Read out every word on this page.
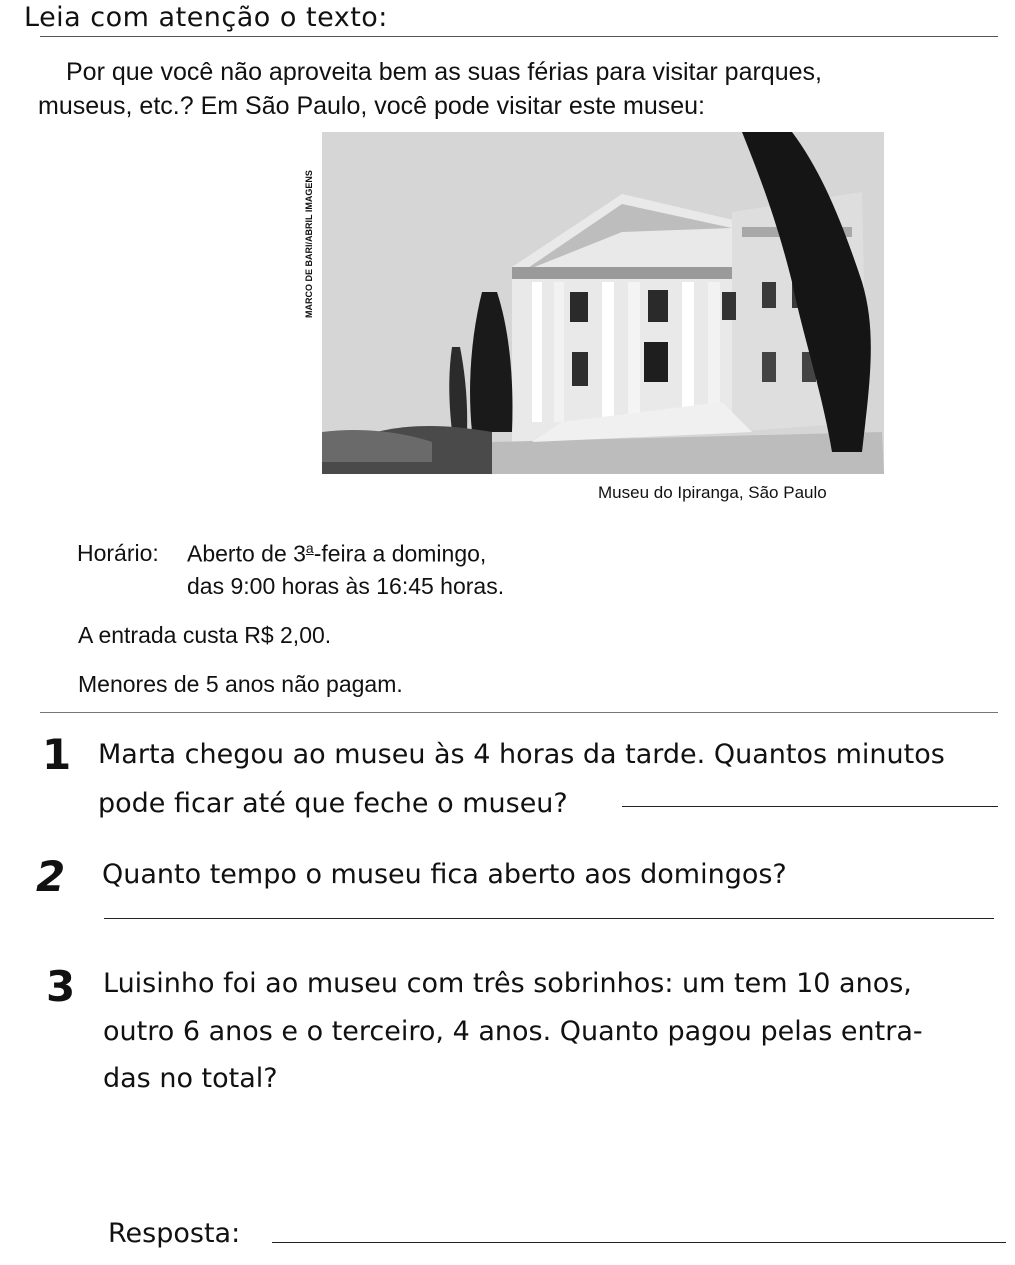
Leia com atenção o texto:
Por que você não aproveita bem as suas férias para visitar parques,
museus, etc.? Em São Paulo, você pode visitar este museu:
MARCO DE BARI/ABRIL IMAGENS
Museu do Ipiranga, São Paulo
Horário: Aberto de 3$^a$-feira a domingo,
das 9:00 horas às 16:45 horas.
A entrada custa R$ 2,00.
Menores de 5 anos não pagam.
1 Marta chegou ao museu às 4 horas da tarde. Quantos minutos
pode ficar até que feche o museu?
2 Quanto tempo o museu fica aberto aos domingos?
3 Luisinho foi ao museu com três sobrinhos: um tem 10 anos,
outro 6 anos e o terceiro, 4 anos. Quanto pagou pelas entra-
das no total?
Resposta:
